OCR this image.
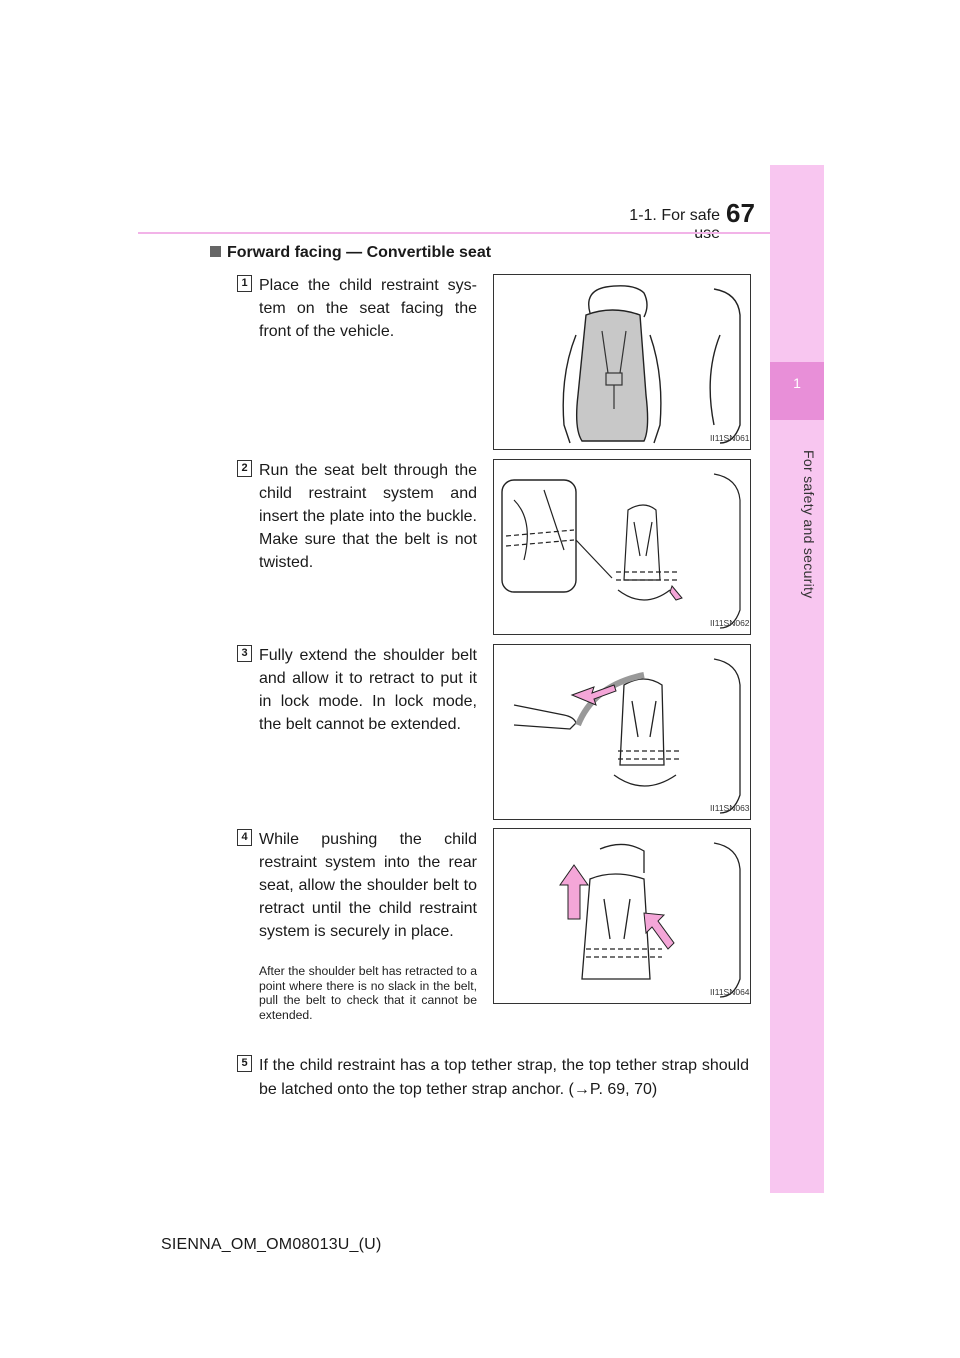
1-1. For safe 67
1
For safety and security
Forward facing — Convertible seat
1 Place the child restraint sys-tem on the seat facing the front of the vehicle.
II11SN061
2 Run the seat belt through the child restraint system and insert the plate into the buckle. Make sure that the belt is not twisted.
II11SN062
3 Fully extend the shoulder belt and allow it to retract to put it in lock mode. In lock mode, the belt cannot be extended.
II11SN063
4 While pushing the child restraint system into the rear seat, allow the shoulder belt to retract until the child restraint system is securely in place.
After the shoulder belt has retracted to a point where there is no slack in the belt, pull the belt to check that it cannot be extended.
II11SN064
5 If the child restraint has a top tether strap, the top tether strap should be latched onto the top tether strap anchor. (→P. 69, 70)
SIENNA_OM_OM08013U_(U)
